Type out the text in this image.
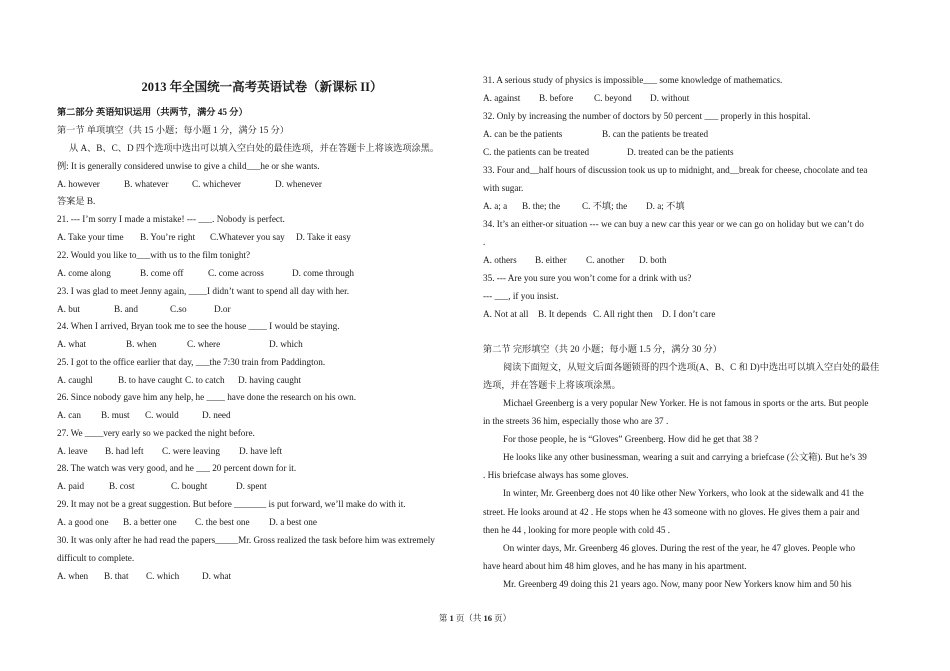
2013 年全国统一高考英语试卷（新课标 II）
第二部分 英语知识运用（共两节，满分 45 分）
第一节 单项填空（共 15 小题；每小题 1 分，满分 15 分）
从 A、B、C、D 四个选项中选出可以填入空白处的最佳选项，并在答题卡上将该选项涂黑。
例: It is generally considered unwise to give a child___he or she wants.
A. however	B. whatever	C. whichever	D. whenever
答案是 B.
21. --- I’m sorry I made a mistake! --- ___. Nobody is perfect.
A. Take your time B. You’re right C.Whatever you say D. Take it easy
22. Would you like to___with us to the film tonight?
A. come along	B. come off	C. come across	D. come through
23. I was glad to meet Jenny again, ____I didn’t want to spend all day with her.
A. but	B. and	C.so	D.or
24. When I arrived, Bryan took me to see the house ____ I would be staying.
A. what	B. when	C. where	D. which
25. I got to the office earlier that day, ___the 7:30 train from Paddington.
A. caughl	B. to have caught C. to catch D. having caught
26. Since nobody gave him any help, he ____ have done the research on his own.
A. can B. must C. would	D. need
27. We ____very early so we packed the night before.
A. leave B. had left C. were leaving D. have left
28. The watch was very good, and he ___ 20 percent down for it.
A. paid	B. cost	C. bought	D. spent
29. It may not be a great suggestion. But before _______ is put forward, we’ll make do with it.
A. a good one B. a better one C. the best one D. a best one
30. It was only after he had read the papers_____Mr. Gross realized the task before him was extremely
difficult to complete.
A. when B. that C. which D. what
31. A serious study of physics is impossible___ some knowledge of mathematics.
A. against B. before C. beyond D. without
32. Only by increasing the number of doctors by 50 percent ___ properly in this hospital.
A. can be the patients	B. can the patients be treated
C. the patients can be treated	D. treated can be the patients
33. Four and__half hours of discussion took us up to midnight, and__break for cheese, chocolate and tea
with sugar.
A. a; a B. the; the C. 不填; the D. a; 不填
34. It’s an either-or situation --- we can buy a new car this year or we can go on holiday but we can’t do
.
A. others B. either C. another D. both
35. --- Are you sure you won’t come for a drink with us?
--- ___, if you insist.
A. Not at all B. It depends C. All right then D. I don’t care
第二节 完形填空（共 20 小题；每小题 1.5 分，满分 30 分）
阅读下面短文，从短文后面各题锁哥的四个选项(A、B、C 和 D)中选出可以填入空白处的最佳
选项，并在答题卡上将该项涂黑。
Michael Greenberg is a very popular New Yorker. He is not famous in sports or the arts. But people
in the streets 36 him, especially those who are 37 .
For those people, he is “Gloves” Greenberg. How did he get that 38 ?
He looks like any other businessman, wearing a suit and carrying a briefcase (公文箱). But he’s 39
. His briefcase always has some gloves.
In winter, Mr. Greenberg does not 40 like other New Yorkers, who look at the sidewalk and 41 the
street. He looks around at 42 . He stops when he 43 someone with no gloves. He gives them a pair and
then he 44 , looking for more people with cold 45 .
On winter days, Mr. Greenberg 46 gloves. During the rest of the year, he 47 gloves. People who
have heard about him 48 him gloves, and he has many in his apartment.
Mr. Greenberg 49 doing this 21 years ago. Now, many poor New Yorkers know him and 50 his
第 1 页（共 16 页）
